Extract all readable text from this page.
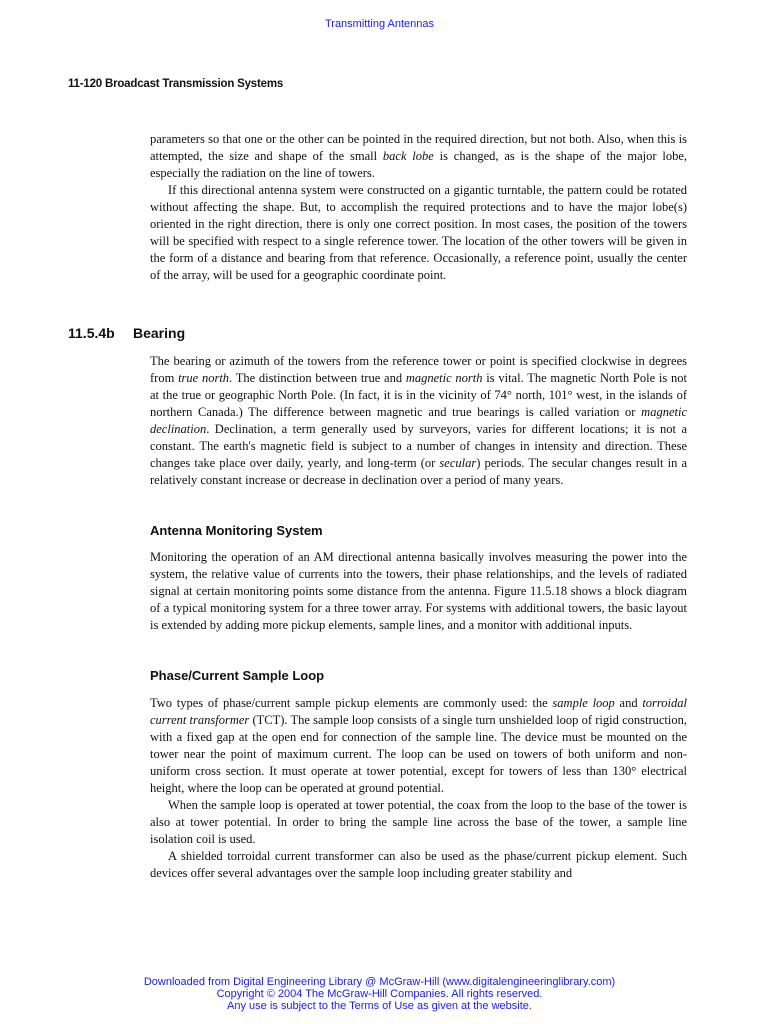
Transmitting Antennas
11-120 Broadcast Transmission Systems

parameters so that one or the other can be pointed in the required direction, but not both. Also, when this is attempted, the size and shape of the small back lobe is changed, as is the shape of the major lobe, especially the radiation on the line of towers.

If this directional antenna system were constructed on a gigantic turntable, the pattern could be rotated without affecting the shape. But, to accomplish the required protections and to have the major lobe(s) oriented in the right direction, there is only one correct position. In most cases, the position of the towers will be specified with respect to a single reference tower. The location of the other towers will be given in the form of a distance and bearing from that reference. Occasionally, a reference point, usually the center of the array, will be used for a geographic coordinate point.

11.5.4b Bearing

The bearing or azimuth of the towers from the reference tower or point is specified clockwise in degrees from true north. The distinction between true and magnetic north is vital. The magnetic North Pole is not at the true or geographic North Pole. (In fact, it is in the vicinity of 74° north, 101° west, in the islands of northern Canada.) The difference between magnetic and true bearings is called variation or magnetic declination. Declination, a term generally used by surveyors, varies for different locations; it is not a constant. The earth's magnetic field is subject to a number of changes in intensity and direction. These changes take place over daily, yearly, and long-term (or secular) periods. The secular changes result in a relatively constant increase or decrease in declination over a period of many years.

Antenna Monitoring System

Monitoring the operation of an AM directional antenna basically involves measuring the power into the system, the relative value of currents into the towers, their phase relationships, and the levels of radiated signal at certain monitoring points some distance from the antenna. Figure 11.5.18 shows a block diagram of a typical monitoring system for a three tower array. For systems with additional towers, the basic layout is extended by adding more pickup elements, sample lines, and a monitor with additional inputs.

Phase/Current Sample Loop

Two types of phase/current sample pickup elements are commonly used: the sample loop and torroidal current transformer (TCT). The sample loop consists of a single turn unshielded loop of rigid construction, with a fixed gap at the open end for connection of the sample line. The device must be mounted on the tower near the point of maximum current. The loop can be used on towers of both uniform and non-uniform cross section. It must operate at tower potential, except for towers of less than 130° electrical height, where the loop can be operated at ground potential.

When the sample loop is operated at tower potential, the coax from the loop to the base of the tower is also at tower potential. In order to bring the sample line across the base of the tower, a sample line isolation coil is used.

A shielded torroidal current transformer can also be used as the phase/current pickup element. Such devices offer several advantages over the sample loop including greater stability and

Downloaded from Digital Engineering Library @ McGraw-Hill (www.digitalengineeringlibrary.com)
Copyright © 2004 The McGraw-Hill Companies. All rights reserved.
Any use is subject to the Terms of Use as given at the website.
